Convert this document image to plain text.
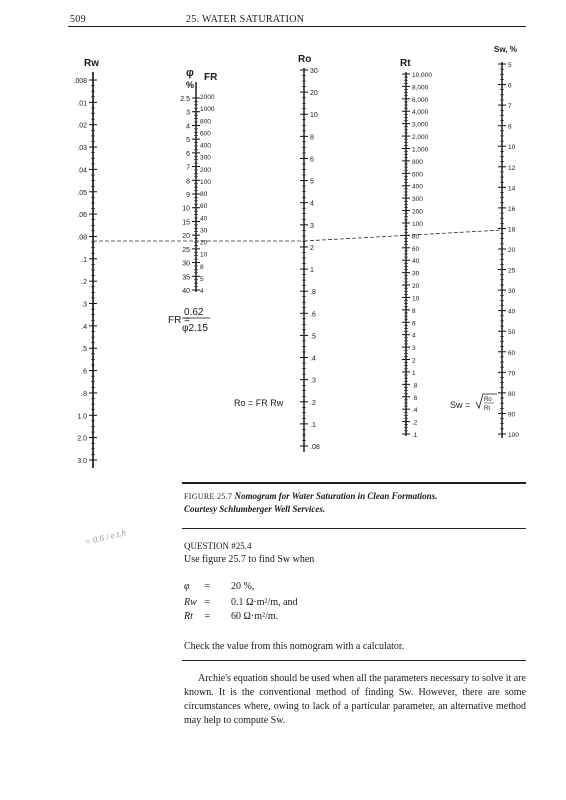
509	25. WATER SATURATION
Rw
.008
.01
.02
.03
.04
.05
.06
.08
.1
.2
.3
.4
.5
.6
.8
1.0
2.0
3.0
φ
%
FR
2.5
3
4
5
6
7
8
9
10
15
20
25
30
35
40
2000
1000
800
600
400
300
200
100
80
60
40
30
20
10
8
5
4
Ro
30
20
10
8
6
5
4
3
2
1
.8
.6
.5
.4
.3
.2
.1
.08
Rt
10,000
8,000
6,000
4,000
3,000
2,000
1,000
800
600
400
300
200
100
80
60
40
30
20
10
8
6
4
3
2
1
.8
.6
.4
.2
.1
Sw, %
5
6
7
8
10
12
14
16
18
20
25
30
40
50
60
70
80
90
100
FR =
0.62
φ2.15
Ro = FR Rw	Sw = Ro
Rt
FIGURE 25.7 Nomogram for Water Saturation in Clean Formations.
Courtesy Schlumberger Well Services.
= 0.6 / e.t.h	QUESTION #25.4
Use figure 25.7 to find Sw when
φ = 20 %,
Rw = 0.1 Ω·m²/m, and
Rt = 60 Ω·m²/m.
Check the value from this nomogram with a calculator.
Archie's equation should be used when all the parameters necessary to solve it are known. It is the conventional method of finding Sw. However, there are some circumstances where, owing to lack of a particular parameter, an alternative method may help to compute Sw.
